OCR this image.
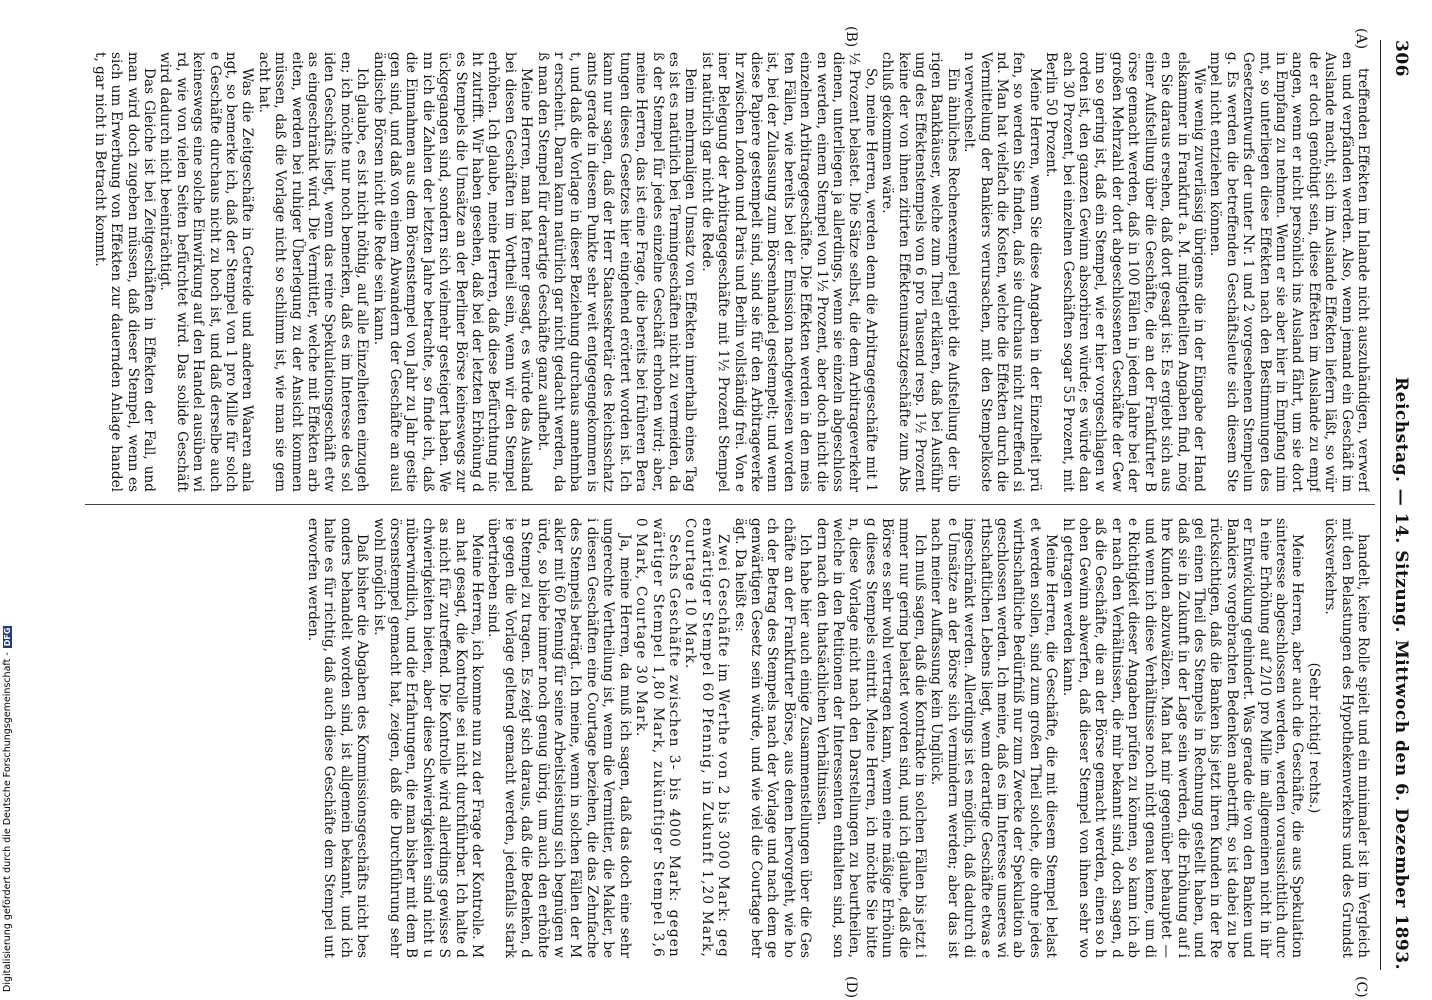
306
Reichstag. — 14. Sitzung.
Mittwoch den 6. Dezember 1893.
(A)
(B)
(C)
(D)

treffenden Effekten im Inlande nicht auszuhändigen, verwerfen und verpfänden werden. Also, wenn jemand ein Geschäft im Auslande macht, sich im Auslande Effekten liefern läßt, so würde er doch genöthigt sein, diese Effekten im Auslande zu empfangen, wenn er nicht persönlich ins Ausland fährt, um sie dort in Empfang zu nehmen. Wenn er sie aber hier in Empfang nimmt, so unterliegen diese Effekten nach den Bestimmungen des Gesetzentwurfs der unter Nr. 1 und 2 vorgesehenen Stempelung. Es werden die betreffenden Geschäftsleute sich diesem Stempel nicht entziehen können.

Wie wenig zuverlässig übrigens die in der Eingabe der Handelskammer in Frankfurt a. M. mitgetheilten Angaben find, mögen Sie daraus ersehen, daß dort gesagt ist: Es ergiebt sich aus einer Aufstellung über die Geschäfte, die an der Frankfurter Börse gemacht werden, daß in 100 Fällen in jedem Jahre bei der großen Mehrzahl der dort abgeschlossenen Geschäfte der Gewinn so gering ist, daß ein Stempel, wie er hier vorgeschlagen worden ist, den ganzen Gewinn absorbiren würde; es würde danach 30 Prozent, bei einzelnen Geschäften sogar 55 Prozent, mit Berlin 50 Prozent.

Meine Herren, wenn Sie diese Angaben in der Einzelheit prüfen, so werden Sie finden, daß sie durchaus nicht zutreffend sind. Man hat vielfach die Kosten, welche die Effekten durch die Vermittelung der Bankiers verursachen, mit den Stempelkosten verwechselt.

Ein ähnliches Rechenexempel ergiebt die Aufstellung der übrigen Bankhäuser, welche zum Theil erklären, daß bei Ausführung des Effektenstempels von 6 pro Tausend resp. 1½ Prozent keine der von ihnen zitirten Effektenumsatzgeschäfte zum Abschluß gekommen wäre.

So, meine Herren, werden denn die Arbitragegeschäfte mit 1½ Prozent belastet. Die Sätze selbst, die dem Arbitrageverkehr dienen, unterliegen ja allerdings, wenn sie einzeln abgeschlossen werden, einem Stempel von 1½ Prozent, aber doch nicht die einzelnen Arbitragegeschäfte. Die Effekten werden in den meisten Fällen, wie bereits bei der Emission nachgewiesen worden ist, bei der Zulassung zum Börsenhandel gestempelt; und wenn diese Papiere gestempelt sind, sind sie für den Arbitrageverkehr zwischen London und Paris und Berlin vollständig frei. Von einer Belegung der Arbitragegeschäfte mit 1½ Prozent Stempel ist natürlich gar nicht die Rede.

Beim mehrmaligen Umsatz von Effekten innerhalb eines Tages ist es natürlich bei Termingeschäften nicht zu vermeiden, daß der Stempel für jedes einzelne Geschäft erhoben wird; aber, meine Herren, das ist eine Frage, die bereits bei früheren Beratungen dieses Gesetzes hier eingehend erörtert worden ist. Ich kann nur sagen, daß der Herr Staatssekretär des Reichsschatzamts gerade in diesem Punkte sehr weit entgegengekommen ist, und daß die Vorlage in dieser Beziehung durchaus annehmbar erscheint. Daran kann natürlich gar nicht gedacht werden, daß man den Stempel für derartige Geschäfte ganz aufhebt.

Meine Herren, man hat ferner gesagt, es würde das Ausland bei diesen Geschäften im Vortheil sein, wenn wir den Stempel erhöhen. Ich glaube, meine Herren, daß diese Befürchtung nicht zutrifft. Wir haben gesehen, daß bei der letzten Erhöhung des Stempels die Umsätze an der Berliner Börse keineswegs zurückgegangen sind, sondern sich vielmehr gesteigert haben. Wenn ich die Zahlen der letzten Jahre betrachte, so finde ich, daß die Einnahmen aus dem Börsenstempel von Jahr zu Jahr gestiegen sind, und daß von einem Abwandern der Geschäfte an ausländische Börsen nicht die Rede sein kann.

Ich glaube, es ist nicht nöthig, auf alle Einzelheiten einzugehen; ich möchte nur noch bemerken, daß es im Interesse des soliden Geschäfts liegt, wenn das reine Spekulationsgeschäft etwas eingeschränkt wird. Die Vermittler, welche mit Effekten arbeiten, werden bei ruhiger Überlegung zu der Ansicht kommen müssen, daß die Vorlage nicht so schlimm ist, wie man sie gemacht hat.

Was die Zeitgeschäfte in Getreide und anderen Waaren anlangt, so bemerke ich, daß der Stempel von 1 pro Mille für solche Geschäfte durchaus nicht zu hoch ist, und daß derselbe auch keineswegs eine solche Einwirkung auf den Handel ausüben wird, wie von vielen Seiten befürchtet wird. Das solide Geschäft wird dadurch nicht beeinträchtigt.

Das Gleiche ist bei Zeitgeschäften in Effekten der Fall, und man wird doch zugeben müssen, daß dieser Stempel, wenn es sich um Erwerbung von Effekten zur dauernden Anlage handelt, gar nicht in Betracht kommt.

handelt, keine Rolle spielt und ein minimaler ist im Vergleich mit den Belastungen des Hypothekenverkehrs und des Grundstücksverkehrs.

(Sehr richtig! rechts.)

Meine Herren, aber auch die Geschäfte, die aus Spekulationsinteresse abgeschlossen werden, werden voraussichtlich durch eine Erhöhung auf 2/10 pro Mille im allgemeinen nicht in ihrer Entwicklung gehindert. Was gerade die von den Banken und Bankiers vorgebrachten Bedenken anbetrifft, so ist dabei zu berücksichtigen, daß die Banken bis jetzt ihren Kunden in der Regel einen Theil des Stempels in Rechnung gestellt haben, und daß sie in Zukunft in der Lage sein werden, die Erhöhung auf ihre Kunden abzuwälzen. Man hat mir gegenüber behauptet — und wenn ich diese Verhältnisse noch nicht genau kenne, um die Richtigkeit dieser Angaben prüfen zu können, so kann ich aber nach den Verhältnissen, die mir bekannt sind, doch sagen, daß die Geschäfte, die an der Börse gemacht werden, einen so hohen Gewinn abwerfen, daß dieser Stempel von ihnen sehr wohl getragen werden kann.

Meine Herren, die Geschäfte, die mit diesem Stempel belastet werden sollen, sind zum großen Theil solche, die ohne jedes wirthschaftliche Bedürfniß nur zum Zwecke der Spekulation abgeschlossen werden. Ich meine, daß es im Interesse unseres wirthschaftlichen Lebens liegt, wenn derartige Geschäfte etwas eingeschränkt werden. Allerdings ist es möglich, daß dadurch die Umsätze an der Börse sich vermindern werden; aber das ist nach meiner Auffassung kein Unglück.

Ich muß sagen, daß die Kontrakte in solchen Fällen bis jetzt immer nur gering belastet worden sind, und ich glaube, daß die Börse es sehr wohl vertragen kann, wenn eine mäßige Erhöhung dieses Stempels eintritt. Meine Herren, ich möchte Sie bitten, diese Vorlage nicht nach den Darstellungen zu beurtheilen, welche in den Petitionen der Interessenten enthalten sind, sondern nach den thatsächlichen Verhältnissen.

Ich habe hier auch einige Zusammenstellungen über die Geschäfte an der Frankfurter Börse, aus denen hervorgeht, wie hoch der Betrag des Stempels nach der Vorlage und nach dem gegenwärtigen Gesetz sein würde, und wie viel die Courtage beträgt. Da heißt es:

Zwei Geschäfte im Werthe von 2 bis 3000 Mark: gegenwärtiger Stempel 60 Pfennig, in Zukunft 1,20 Mark, Courtage 10 Mark.

Sechs Geschäfte zwischen 3- bis 4000 Mark: gegenwärtiger Stempel 1,80 Mark, zukünftiger Stempel 3,60 Mark, Courtage 30 Mark.

Ja, meine Herren, da muß ich sagen, daß das doch eine sehr ungerechte Vertheilung ist, wenn die Vermittler, die Makler, bei diesen Geschäften eine Courtage beziehen, die das Zehnfache des Stempels beträgt. Ich meine, wenn in solchen Fällen der Makler mit 60 Pfennig für seine Arbeitsleistung sich begnügen würde, so bliebe immer noch genug übrig, um auch den erhöhten Stempel zu tragen. Es zeigt sich daraus, daß die Bedenken, die gegen die Vorlage geltend gemacht werden, jedenfalls stark übertrieben sind.

Meine Herren, ich komme nun zu der Frage der Kontrolle. Man hat gesagt, die Kontrolle sei nicht durchführbar. Ich halte das nicht für zutreffend. Die Kontrolle wird allerdings gewisse Schwierigkeiten bieten, aber diese Schwierigkeiten sind nicht unüberwindlich, und die Erfahrungen, die man bisher mit dem Börsenstempel gemacht hat, zeigen, daß die Durchführung sehr wohl möglich ist.

Daß bisher die Abgaben des Kommissionsgeschäfts nicht besonders behandelt worden sind, ist allgemein bekannt, und ich halte es für richtig, daß auch diese Geschäfte dem Stempel unterworfen werden.

Digitalisierung gefördert durch die Deutsche Forschungsgemeinschaft -DFG
